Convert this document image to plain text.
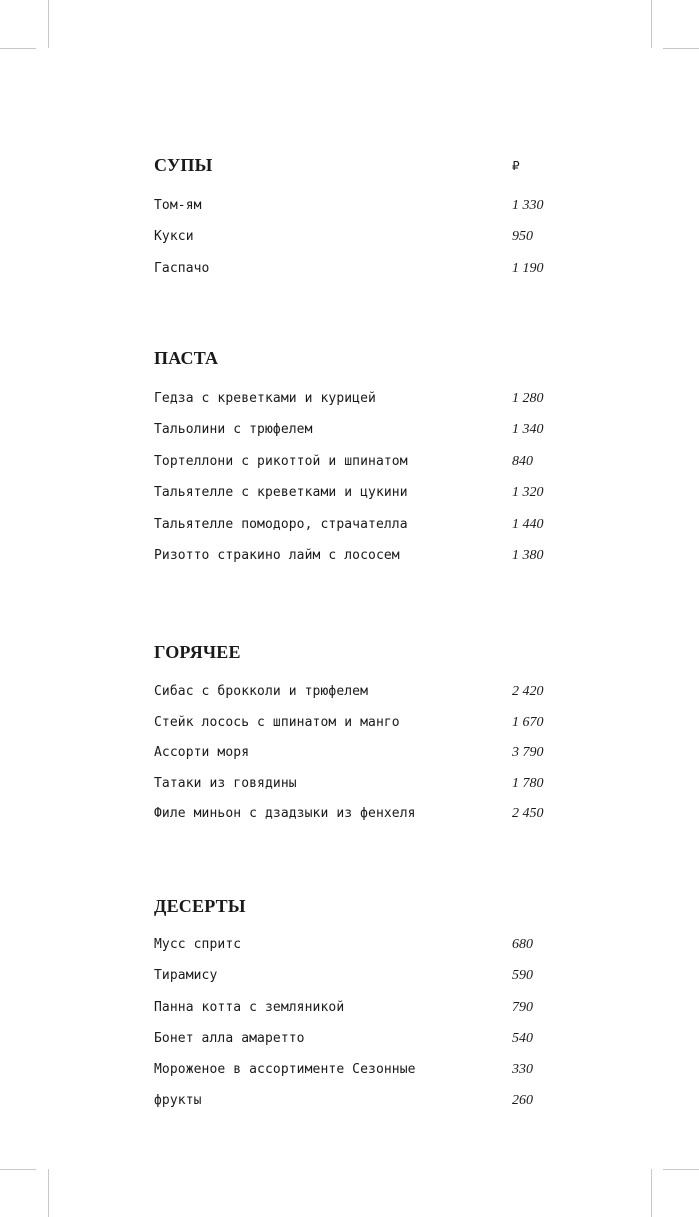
СУПЫ	₽
Том-ям	1 330
Кукси	950
Гаспачо	1 190
ПАСТА
Гедза с креветками и курицей	1 280
Тальолини с трюфелем	1 340
Тортеллони с рикоттой и шпинатом	840
Тальятелле с креветками и цукини	1 320
Тальятелле помодоро, страчателла	1 440
Ризотто стракино лайм с лососем	1 380
ГОРЯЧЕЕ
Сибас с брокколи и трюфелем	2 420
Стейк лосось с шпинатом и манго	1 670
Ассорти моря	3 790
Татаки из говядины	1 780
Филе миньон с дзадзыки из фенхеля	2 450
ДЕСЕРТЫ
Мусс спритс	680
Тирамису	590
Панна котта с земляникой	790
Бонет алла амаретто	540
Мороженое в ассортименте Сезонные	330
фрукты	260
